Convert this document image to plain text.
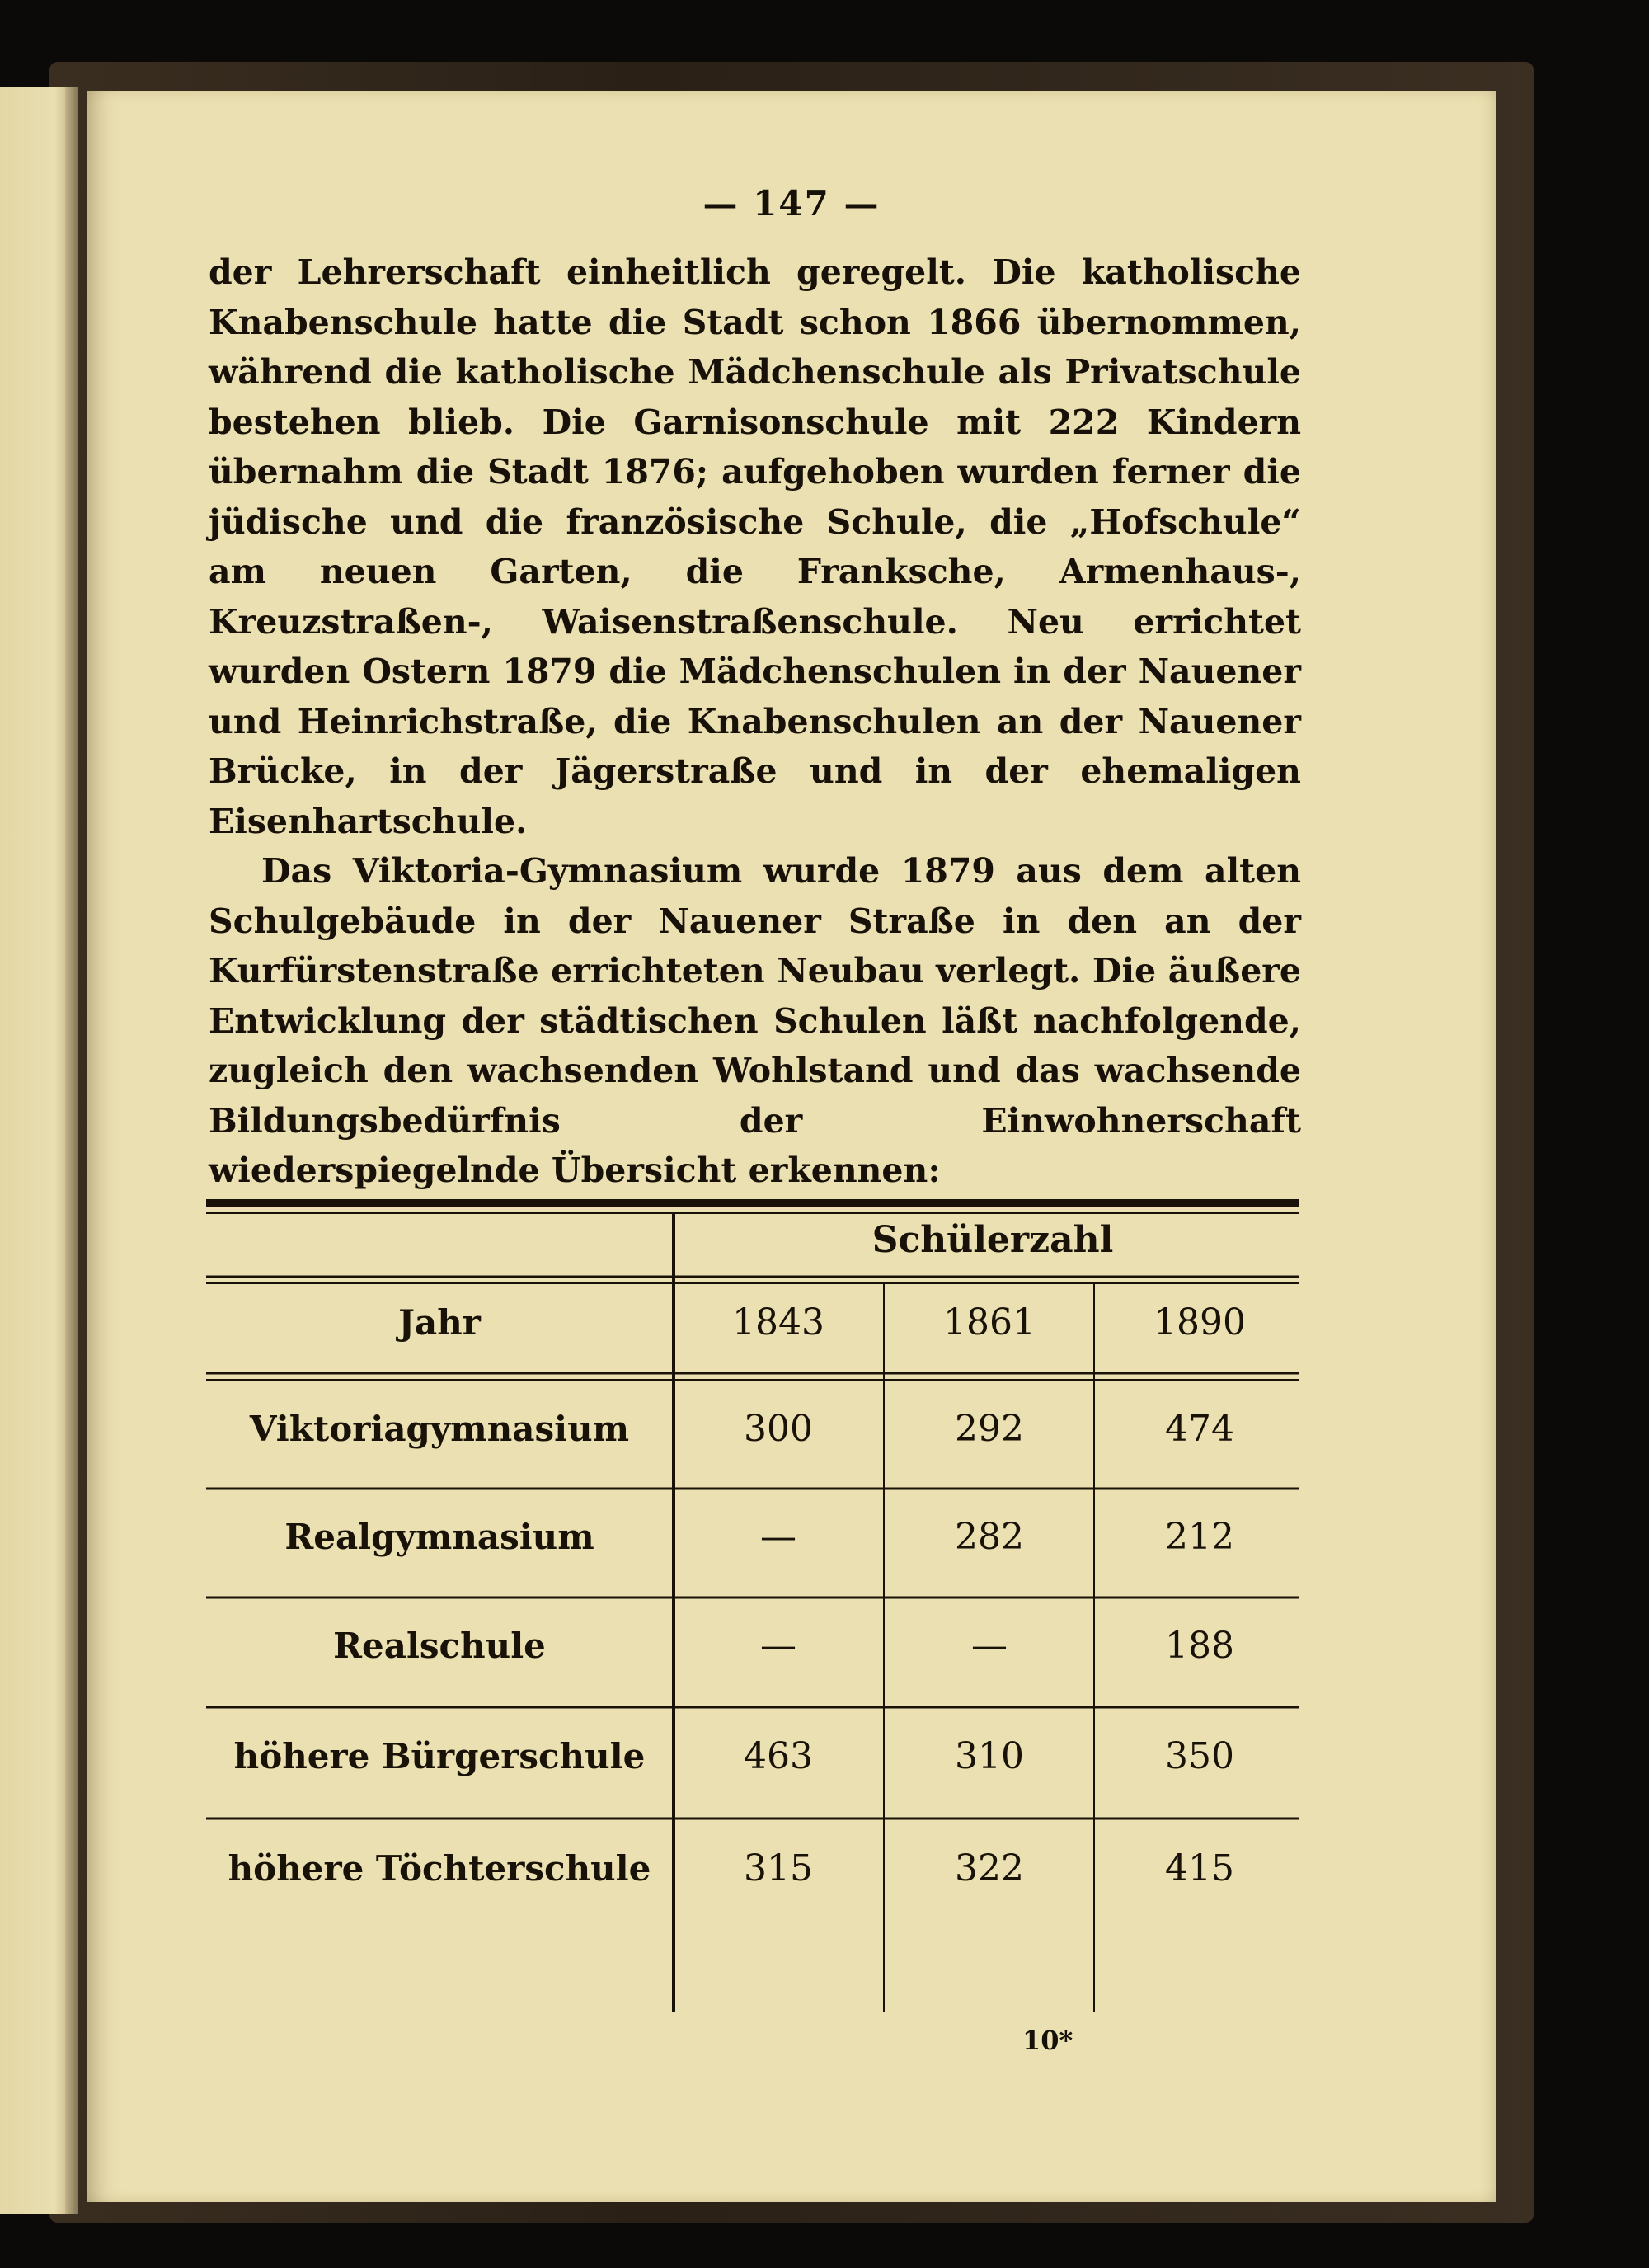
— 147 —

der Lehrerschaft einheitlich geregelt. Die katholische Knabenschule hatte die Stadt schon 1866 übernommen, während die katholische Mädchenschule als Privatschule bestehen blieb. Die Garnisonschule mit 222 Kindern übernahm die Stadt 1876; aufgehoben wurden ferner die jüdische und die französische Schule, die „Hofschule“ am neuen Garten, die Franksche, Armenhaus-, Kreuzstraßen-, Waisenstraßenschule. Neu errichtet wurden Ostern 1879 die Mädchenschulen in der Nauener und Heinrichstraße, die Knabenschulen an der Nauener Brücke, in der Jägerstraße und in der ehemaligen Eisenhartschule.

Das Viktoria-Gymnasium wurde 1879 aus dem alten Schulgebäude in der Nauener Straße in den an der Kurfürstenstraße errichteten Neubau verlegt. Die äußere Entwicklung der städtischen Schulen läßt nachfolgende, zugleich den wachsenden Wohlstand und das wachsende Bildungsbedürfnis der Einwohnerschaft wiederspiegelnde Übersicht erkennen:

Schülerzahl
Jahr	1843	1861	1890
Viktoriagymnasium	300	292	474
Realgymnasium	—	282	212
Realschule	—	—	188
höhere Bürgerschule	463	310	350
höhere Töchterschule	315	322	415
10*
